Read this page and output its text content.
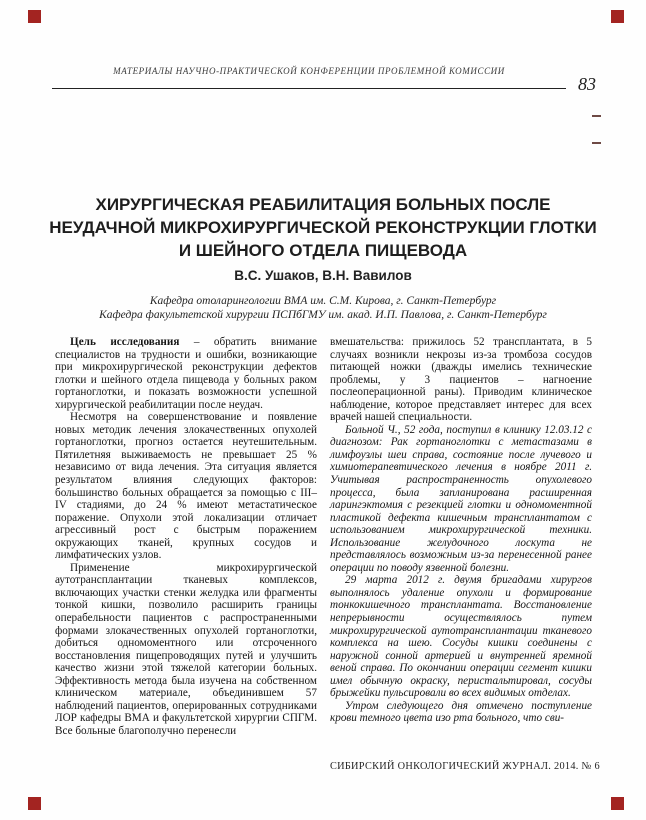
МАТЕРИАЛЫ НАУЧНО-ПРАКТИЧЕСКОЙ КОНФЕРЕНЦИИ ПРОБЛЕМНОЙ КОМИССИИ
83
ХИРУРГИЧЕСКАЯ РЕАБИЛИТАЦИЯ БОЛЬНЫХ ПОСЛЕ
НЕУДАЧНОЙ МИКРОХИРУРГИЧЕСКОЙ РЕКОНСТРУКЦИИ ГЛОТКИ
И ШЕЙНОГО ОТДЕЛА ПИЩЕВОДА
В.С. Ушаков, В.Н. Вавилов
Кафедра отоларингологии ВМА им. С.М. Кирова, г. Санкт-Петербург
Кафедра факультетской хирургии ПСПбГМУ им. акад. И.П. Павлова, г. Санкт-Петербург

Цель исследования – обратить внимание специалистов на трудности и ошибки, возникающие при микрохирургической реконструкции дефектов глотки и шейного отдела пищевода у больных раком гортаноглотки, и показать возможности успешной хирургической реабилитации после неудач.

Несмотря на совершенствование и появление новых методик лечения злокачественных опухолей гортаноглотки, прогноз остается неутешительным. Пятилетняя выживаемость не превышает 25 % независимо от вида лечения. Эта ситуация является результатом влияния следующих факторов: большинство больных обращается за помощью с III–IV стадиями, до 24 % имеют метастатическое поражение. Опухоли этой локализации отличает агрессивный рост с быстрым поражением окружающих тканей, крупных сосудов и лимфатических узлов.

Применение микрохирургической аутотрансплантации тканевых комплексов, включающих участки стенки желудка или фрагменты тонкой кишки, позволило расширить границы операбельности пациентов с распространенными формами злокачественных опухолей гортаноглотки, добиться одномоментного или отсроченного восстановления пищепроводящих путей и улучшить качество жизни этой тяжелой категории больных. Эффективность метода была изучена на собственном клиническом материале, объединившем 57 наблюдений пациентов, оперированных сотрудниками ЛОР кафедры ВМА и факультетской хирургии СПГМ. Все больные благополучно перенесли

вмешательства: прижилось 52 трансплантата, в 5 случаях возникли некрозы из-за тромбоза сосудов питающей ножки (дважды имелись технические проблемы, у 3 пациентов – нагноение послеоперационной раны). Приводим клиническое наблюдение, которое представляет интерес для всех врачей нашей специальности.

Больной Ч., 52 года, поступил в клинику 12.03.12 с диагнозом: Рак гортаноглотки с метастазами в лимфоузлы шеи справа, состояние после лучевого и химиотерапевтического лечения в ноябре 2011 г. Учитывая распространенность опухолевого процесса, была запланирована расширенная ларингэктомия с резекцией глотки и одномоментной пластикой дефекта кишечным трансплантатом с использованием микрохирургической техники. Использование желудочного лоскута не представлялось возможным из-за перенесенной ранее операции по поводу язвенной болезни.

29 марта 2012 г. двумя бригадами хирургов выполнялось удаление опухоли и формирование тонкокишечного трансплантата. Восстановление непрерывности осуществлялось путем микрохирургической аутотрансплантации тканевого комплекса на шею. Сосуды кишки соединены с наружной сонной артерией и внутренней яремной веной справа. По окончании операции сегмент кишки имел обычную окраску, перистальтировал, сосуды брыжейки пульсировали во всех видимых отделах.

Утром следующего дня отмечено поступление крови темного цвета изо рта больного, что сви-

СИБИРСКИЙ ОНКОЛОГИЧЕСКИЙ ЖУРНАЛ. 2014. № 6
